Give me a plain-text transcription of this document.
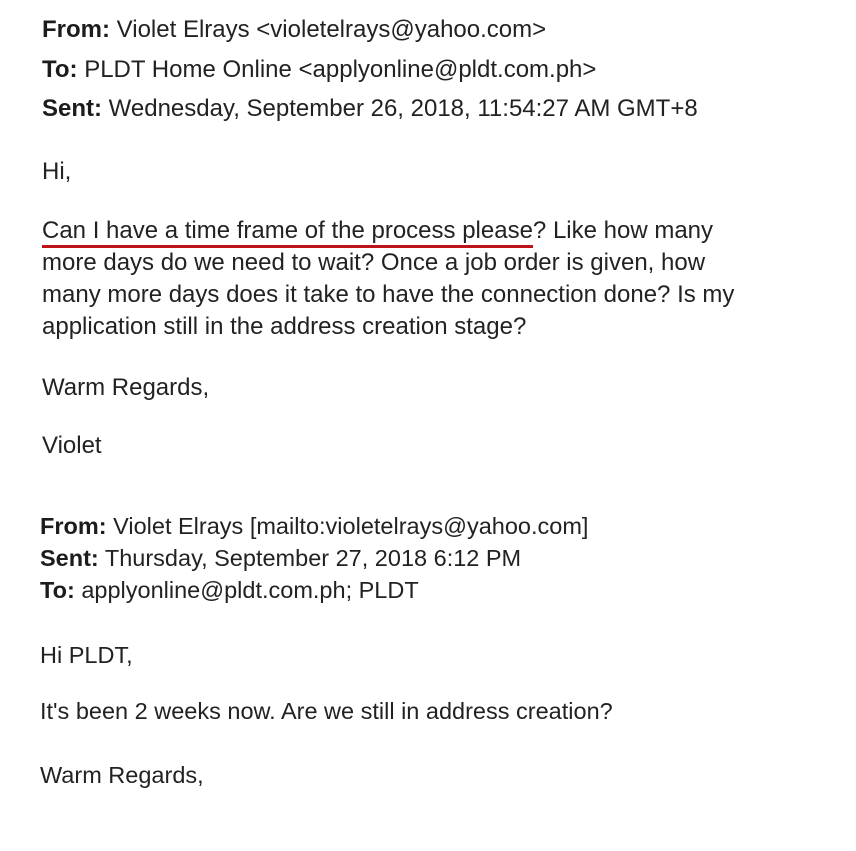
From: Violet Elrays <violetelrays@yahoo.com>
To: PLDT Home Online <applyonline@pldt.com.ph>
Sent: Wednesday, September 26, 2018, 11:54:27 AM GMT+8
Hi,
Can I have a time frame of the process please? Like how many
more days do we need to wait? Once a job order is given, how
many more days does it take to have the connection done? Is my
application still in the address creation stage?
Warm Regards,
Violet
From: Violet Elrays [mailto:violetelrays@yahoo.com]
Sent: Thursday, September 27, 2018 6:12 PM
To: applyonline@pldt.com.ph; PLDT
Hi PLDT,
It's been 2 weeks now. Are we still in address creation?
Warm Regards,
